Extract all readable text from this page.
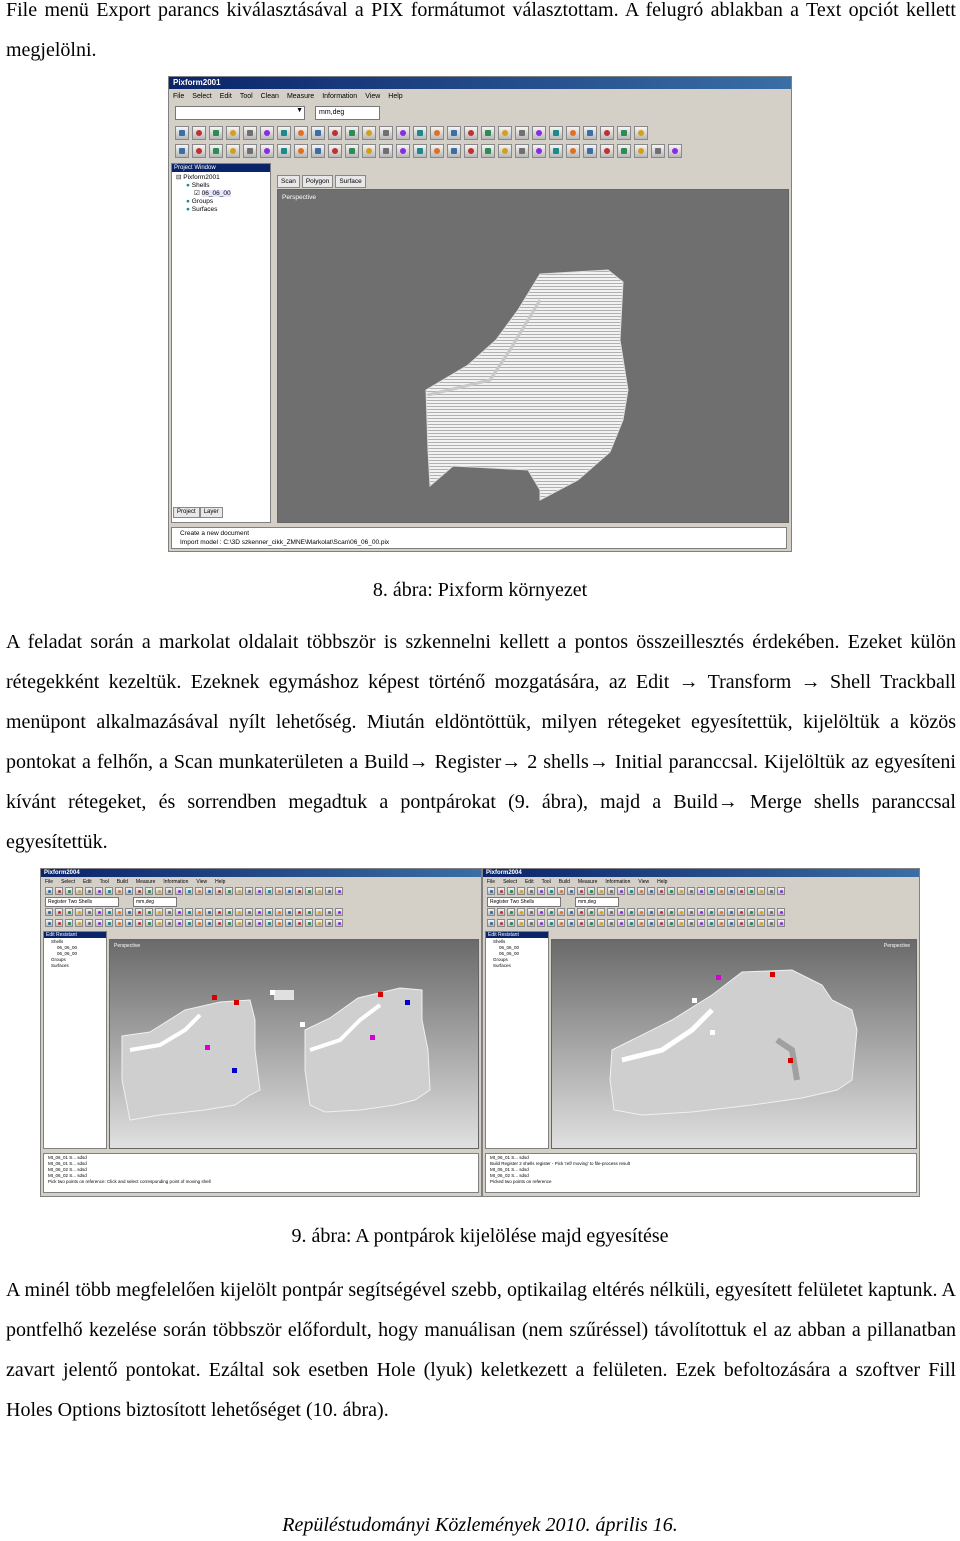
File menü Export parancs kiválasztásával a PIX formátumot választottam. A felugró ablakban a Text opciót kellett megjelölni.
Pixform2001
File	Select	Edit	Tool	Clean	Measure	Information	View	Help
▼	mm,deg
Project Window
⊟ Pixform2001
● Shells
☑ 06_06_00
● Groups
● Surfaces
Project	Layer
Scan	Polygon	Surface
Perspective
Create a new document
Import model : C:\3D szkenner_cikk_ZMNE\Markolat\Scan\06_06_00.pix
8. ábra: Pixform környezet
A feladat során a markolat oldalait többször is szkennelni kellett a pontos összeillesztés érdekében. Ezeket külön rétegekként kezeltük. Ezeknek egymáshoz képest történő mozgatására, az Edit → Transform → Shell Trackball menüpont alkalmazásával nyílt lehetőség. Miután eldöntöttük, milyen rétegeket egyesítettük, kijelöltük a közös pontokat a felhőn, a Scan munkaterületen a Build→ Register→ 2 shells→ Initial paranccsal. Kijelöltük az egyesíteni kívánt rétegeket, és sorrendben megadtuk a pontpárokat (9. ábra), majd a Build→ Merge shells paranccsal egyesítettük.
Pixform2004
File	Select	Edit	Tool	Build	Measure	Information	View	Help
Register Two Shells	mm,deg
Edit Resistant
Shells
06_06_00
06_06_00
Groups
Surfaces
Perspective
Mt_06_01 S... sdsd
Mt_06_01 S... sdsd
Mt_06_02 S... sdsd
Mt_06_02 S... sdsd
Pick two points on reference: Click and select corresponding point of moving shell
Pixform2004
File	Select	Edit	Tool	Build	Measure	Information	View	Help
Register Two Shells	mm,deg
Edit Resistant
Shells
06_06_00
06_06_00
Groups
Surfaces
Perspective
Mt_06_01 S... sdsd
Build Register 2 shells register - Pick 'ref/ moving' to file-process result
Mt_06_01 S... sdsd
Mt_06_02 S... sdsd
Picked two points on reference
9. ábra: A pontpárok kijelölése majd egyesítése
A minél több megfelelően kijelölt pontpár segítségével szebb, optikailag eltérés nélküli, egyesített felületet kaptunk. A pontfelhő kezelése során többször előfordult, hogy manuálisan (nem szűréssel) távolítottuk el az abban a pillanatban zavart jelentő pontokat. Ezáltal sok esetben Hole (lyuk) keletkezett a felületen. Ezek befoltozására a szoftver Fill Holes Options biztosított lehetőséget (10. ábra).
Repüléstudományi Közlemények 2010. április 16.
